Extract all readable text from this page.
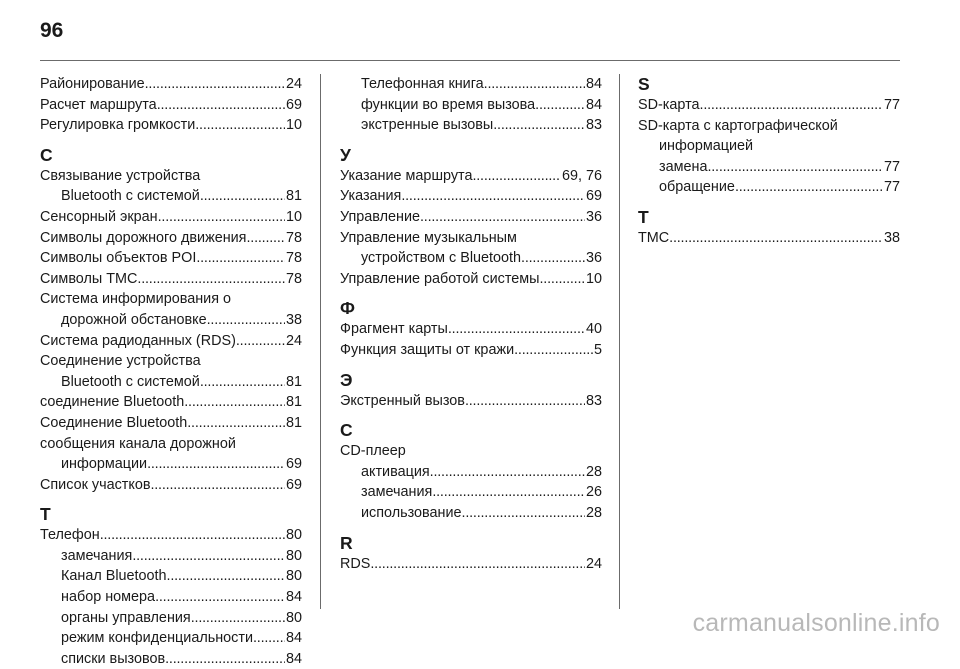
96
Районирование . . .	24
Расчет маршрута . . .	69
Регулировка громкости . . .	10
С
Связывание устройства
Bluetooth с системой . . .	81
Сенсорный экран . . .	10
Символы дорожного движения . . .	78
Символы объектов POI . . .	78
Символы TMC . . .	78
Система информирования о
дорожной обстановке . . .	38
Система радиоданных (RDS) . . .	24
Соединение устройства
Bluetooth с системой . . .	81
соединение Bluetooth . . .	81
Соединение Bluetooth . . .	81
сообщения канала дорожной
информации . . .	69
Список участков . . .	69
Т
Телефон . . .	80
замечания . . .	80
Канал Bluetooth . . .	80
набор номера . . .	84
органы управления . . .	80
режим конфиденциальности . . . 84
списки вызовов . . .	84
Телефонная книга . . .	84
функции во время вызова . . .	84
экстренные вызовы . . .	83
У
Указание маршрута . . .	69, 76
Указания . . .	69
Управление . . .	36
Управление музыкальным
устройством с Bluetooth . . .	36
Управление работой системы . . .	10
Ф
Фрагмент карты . . .	40
Функция защиты от кражи . . .	5
Э
Экстренный вызов . . .	83
C
CD-плеер
активация . . .	28
замечания . . .	26
использование . . .	28
R
RDS . . .	24
S
SD-карта . . .	77
SD-карта с картографической
информацией
замена . . .	77
обращение . . .	77
T
TMC . . .	38
carmanualsonline.info
